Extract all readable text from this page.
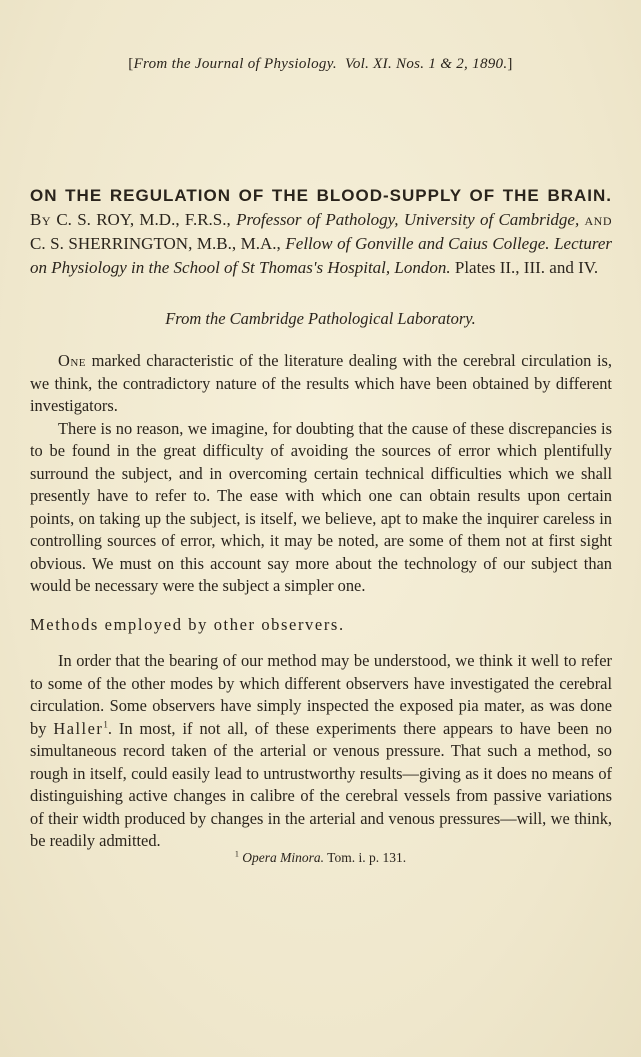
[From the Journal of Physiology. Vol. XI. Nos. 1 & 2, 1890.]

ON THE REGULATION OF THE BLOOD-SUPPLY OF THE BRAIN. By C. S. ROY, M.D., F.R.S., Professor of Pathology, University of Cambridge, and C. S. SHERRINGTON, M.B., M.A., Fellow of Gonville and Caius College. Lecturer on Physiology in the School of St Thomas's Hospital, London. Plates II., III. and IV.

From the Cambridge Pathological Laboratory.

One marked characteristic of the literature dealing with the cerebral circulation is, we think, the contradictory nature of the results which have been obtained by different investigators.

There is no reason, we imagine, for doubting that the cause of these discrepancies is to be found in the great difficulty of avoiding the sources of error which plentifully surround the subject, and in overcoming certain technical difficulties which we shall presently have to refer to. The ease with which one can obtain results upon certain points, on taking up the subject, is itself, we believe, apt to make the inquirer careless in controlling sources of error, which, it may be noted, are some of them not at first sight obvious. We must on this account say more about the technology of our subject than would be necessary were the subject a simpler one.

Methods employed by other observers.

In order that the bearing of our method may be understood, we think it well to refer to some of the other modes by which different observers have investigated the cerebral circulation. Some observers have simply inspected the exposed pia mater, as was done by Haller$^1$. In most, if not all, of these experiments there appears to have been no simultaneous record taken of the arterial or venous pressure. That such a method, so rough in itself, could easily lead to untrustworthy results—giving as it does no means of distinguishing active changes in calibre of the cerebral vessels from passive variations of their width produced by changes in the arterial and venous pressures—will, we think, be readily admitted.

$^1$ Opera Minora. Tom. i. p. 131.
